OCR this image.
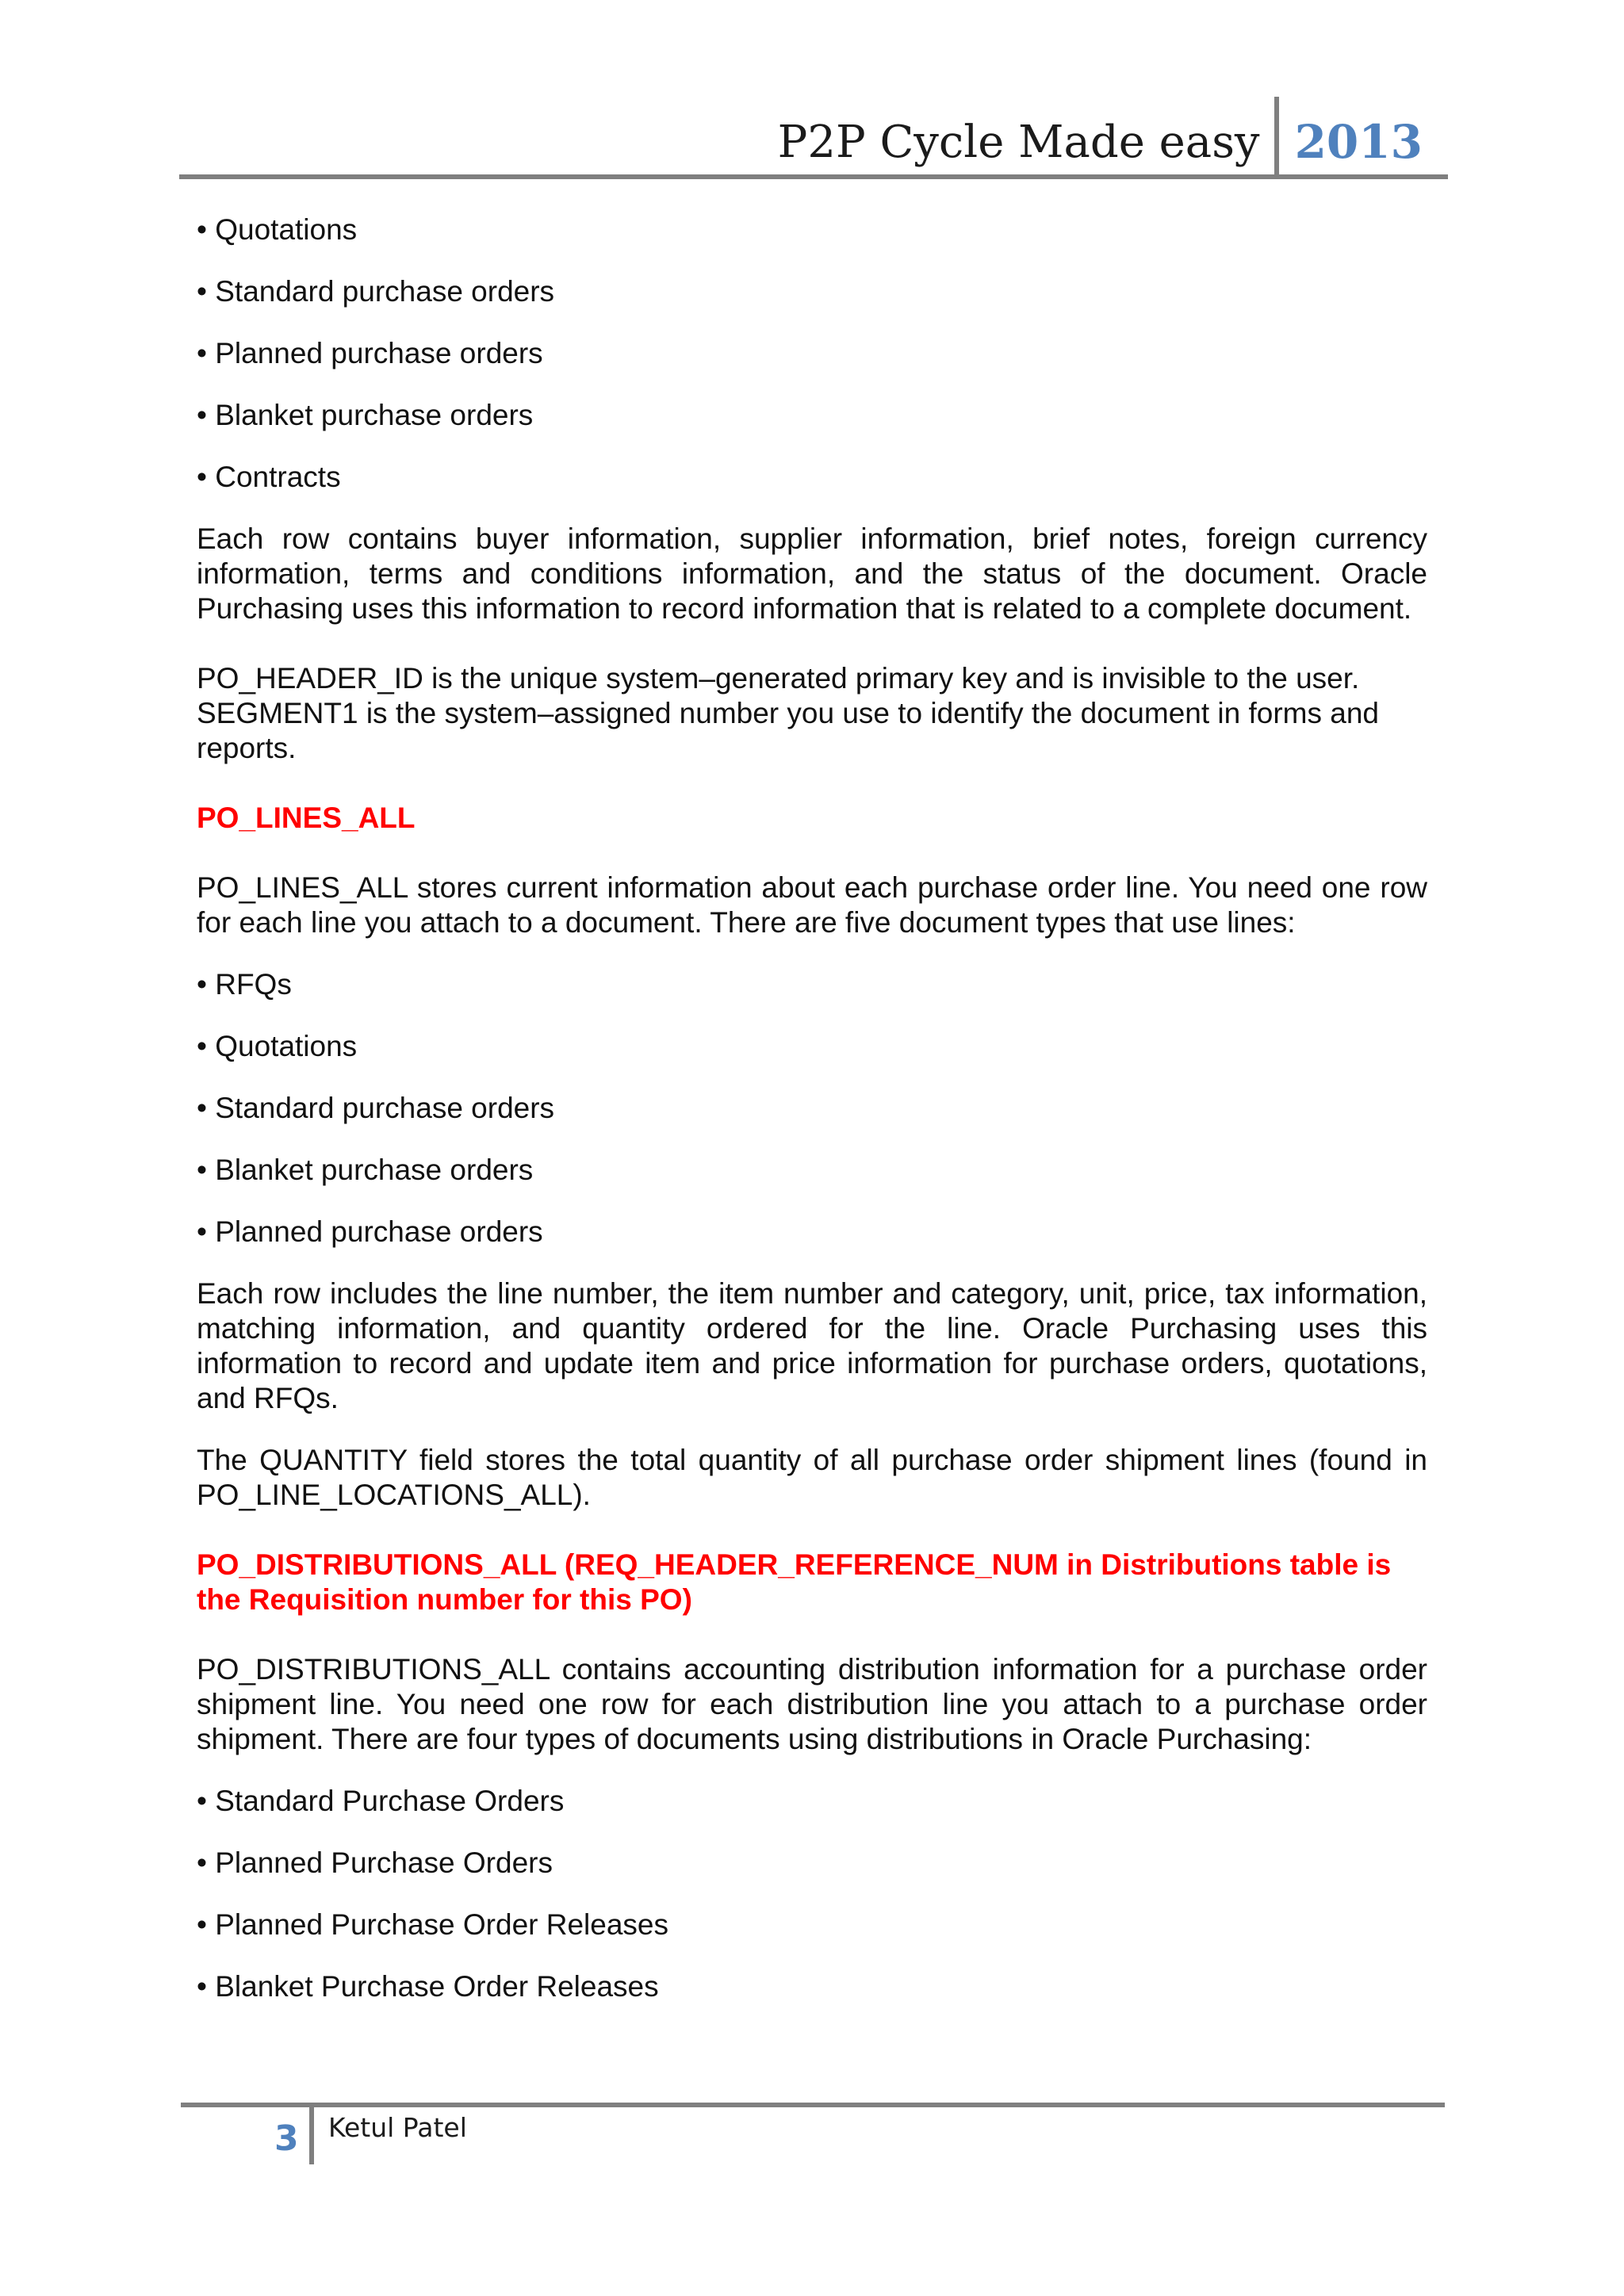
P2P Cycle Made easy 2013
• Quotations
• Standard purchase orders
• Planned purchase orders
• Blanket purchase orders
• Contracts

Each row contains buyer information, supplier information, brief notes, foreign currency information, terms and conditions information, and the status of the document. Oracle Purchasing uses this information to record information that is related to a complete document.

PO_HEADER_ID is the unique system–generated primary key and is invisible to the user.
SEGMENT1 is the system–assigned number you use to identify the document in forms and reports.

PO_LINES_ALL

PO_LINES_ALL stores current information about each purchase order line. You need one row for each line you attach to a document. There are five document types that use lines:

• RFQs
• Quotations
• Standard purchase orders
• Blanket purchase orders
• Planned purchase orders

Each row includes the line number, the item number and category, unit, price, tax information, matching information, and quantity ordered for the line. Oracle Purchasing uses this information to record and update item and price information for purchase orders, quotations, and RFQs.

The QUANTITY field stores the total quantity of all purchase order shipment lines (found in PO_LINE_LOCATIONS_ALL).

PO_DISTRIBUTIONS_ALL (REQ_HEADER_REFERENCE_NUM in Distributions table is the Requisition number for this PO)

PO_DISTRIBUTIONS_ALL contains accounting distribution information for a purchase order shipment line. You need one row for each distribution line you attach to a purchase order shipment. There are four types of documents using distributions in Oracle Purchasing:

• Standard Purchase Orders
• Planned Purchase Orders
• Planned Purchase Order Releases
• Blanket Purchase Order Releases
3 Ketul Patel
